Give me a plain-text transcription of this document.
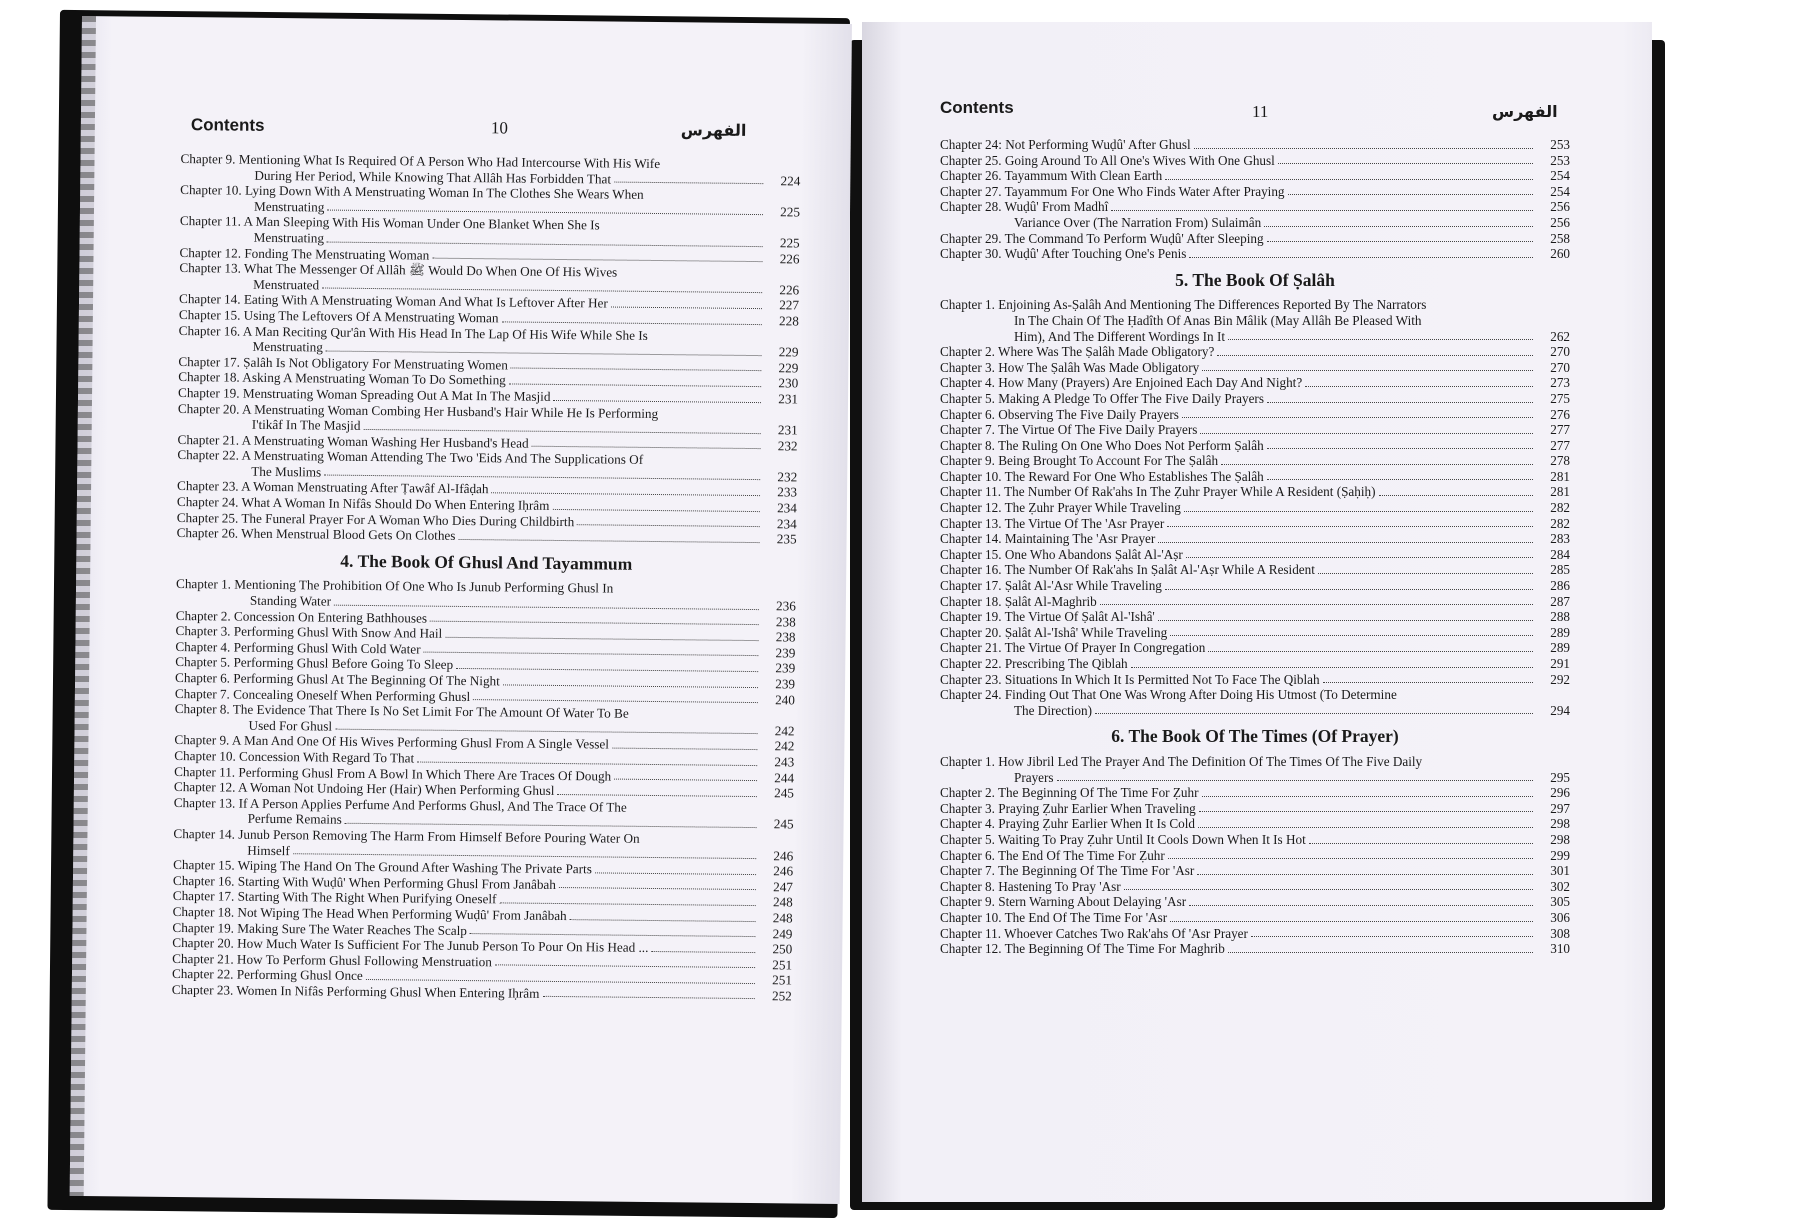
Contents	10	الفهرس
Chapter 9. Mentioning What Is Required Of A Person Who Had Intercourse With His Wife
During Her Period, While Knowing That Allâh Has Forbidden That	224
Chapter 10. Lying Down With A Menstruating Woman In The Clothes She Wears When
Menstruating	225
Chapter 11. A Man Sleeping With His Woman Under One Blanket When She Is
Menstruating	225
Chapter 12. Fonding The Menstruating Woman	226
Chapter 13. What The Messenger Of Allâh ﷺ Would Do When One Of His Wives
Menstruated	226
Chapter 14. Eating With A Menstruating Woman And What Is Leftover After Her	227
Chapter 15. Using The Leftovers Of A Menstruating Woman	228
Chapter 16. A Man Reciting Qur'ân With His Head In The Lap Of His Wife While She Is
Menstruating	229
Chapter 17. Ṣalâh Is Not Obligatory For Menstruating Women	229
Chapter 18. Asking A Menstruating Woman To Do Something	230
Chapter 19. Menstruating Woman Spreading Out A Mat In The Masjid	231
Chapter 20. A Menstruating Woman Combing Her Husband's Hair While He Is Performing
I'tikâf In The Masjid	231
Chapter 21. A Menstruating Woman Washing Her Husband's Head	232
Chapter 22. A Menstruating Woman Attending The Two 'Eids And The Supplications Of
The Muslims	232
Chapter 23. A Woman Menstruating After Ṭawâf Al-Ifâḍah	233
Chapter 24. What A Woman In Nifâs Should Do When Entering Iḥrâm	234
Chapter 25. The Funeral Prayer For A Woman Who Dies During Childbirth	234
Chapter 26. When Menstrual Blood Gets On Clothes	235
4. The Book Of Ghusl And Tayammum
Chapter 1. Mentioning The Prohibition Of One Who Is Junub Performing Ghusl In
Standing Water	236
Chapter 2. Concession On Entering Bathhouses	238
Chapter 3. Performing Ghusl With Snow And Hail	238
Chapter 4. Performing Ghusl With Cold Water	239
Chapter 5. Performing Ghusl Before Going To Sleep	239
Chapter 6. Performing Ghusl At The Beginning Of The Night	239
Chapter 7. Concealing Oneself When Performing Ghusl	240
Chapter 8. The Evidence That There Is No Set Limit For The Amount Of Water To Be
Used For Ghusl	242
Chapter 9. A Man And One Of His Wives Performing Ghusl From A Single Vessel	242
Chapter 10. Concession With Regard To That	243
Chapter 11. Performing Ghusl From A Bowl In Which There Are Traces Of Dough	244
Chapter 12. A Woman Not Undoing Her (Hair) When Performing Ghusl	245
Chapter 13. If A Person Applies Perfume And Performs Ghusl, And The Trace Of The
Perfume Remains	245
Chapter 14. Junub Person Removing The Harm From Himself Before Pouring Water On
Himself	246
Chapter 15. Wiping The Hand On The Ground After Washing The Private Parts	246
Chapter 16. Starting With Wuḍû' When Performing Ghusl From Janâbah	247
Chapter 17. Starting With The Right When Purifying Oneself	248
Chapter 18. Not Wiping The Head When Performing Wuḍû' From Janâbah	248
Chapter 19. Making Sure The Water Reaches The Scalp	249
Chapter 20. How Much Water Is Sufficient For The Junub Person To Pour On His Head ...	250
Chapter 21. How To Perform Ghusl Following Menstruation	251
Chapter 22. Performing Ghusl Once	251
Chapter 23. Women In Nifâs Performing Ghusl When Entering Iḥrâm	252
Contents	11	الفهرس
Chapter 24: Not Performing Wuḍû' After Ghusl	253
Chapter 25. Going Around To All One's Wives With One Ghusl	253
Chapter 26. Tayammum With Clean Earth	254
Chapter 27. Tayammum For One Who Finds Water After Praying	254
Chapter 28. Wuḍû' From Madhî	256
Variance Over (The Narration From) Sulaimân	256
Chapter 29. The Command To Perform Wuḍû' After Sleeping	258
Chapter 30. Wuḍû' After Touching One's Penis	260
5. The Book Of Ṣalâh
Chapter 1. Enjoining As-Ṣalâh And Mentioning The Differences Reported By The Narrators
In The Chain Of The Ḥadîth Of Anas Bin Mâlik (May Allâh Be Pleased With
Him), And The Different Wordings In It	262
Chapter 2. Where Was The Ṣalâh Made Obligatory?	270
Chapter 3. How The Ṣalâh Was Made Obligatory	270
Chapter 4. How Many (Prayers) Are Enjoined Each Day And Night?	273
Chapter 5. Making A Pledge To Offer The Five Daily Prayers	275
Chapter 6. Observing The Five Daily Prayers	276
Chapter 7. The Virtue Of The Five Daily Prayers	277
Chapter 8. The Ruling On One Who Does Not Perform Ṣalâh	277
Chapter 9. Being Brought To Account For The Ṣalâh	278
Chapter 10. The Reward For One Who Establishes The Ṣalâh	281
Chapter 11. The Number Of Rak'ahs In The Ẓuhr Prayer While A Resident (Ṣaḥiḥ)	281
Chapter 12. The Ẓuhr Prayer While Traveling	282
Chapter 13. The Virtue Of The 'Asr Prayer	282
Chapter 14. Maintaining The 'Asr Prayer	283
Chapter 15. One Who Abandons Ṣalât Al-'Aṣr	284
Chapter 16. The Number Of Rak'ahs In Ṣalât Al-'Aṣr While A Resident	285
Chapter 17. Ṣalât Al-'Asr While Traveling	286
Chapter 18. Ṣalât Al-Maghrib	287
Chapter 19. The Virtue Of Ṣalât Al-'Ishâ'	288
Chapter 20. Ṣalât Al-'Ishâ' While Traveling	289
Chapter 21. The Virtue Of Prayer In Congregation	289
Chapter 22. Prescribing The Qiblah	291
Chapter 23. Situations In Which It Is Permitted Not To Face The Qiblah	292
Chapter 24. Finding Out That One Was Wrong After Doing His Utmost (To Determine
The Direction)	294
6. The Book Of The Times (Of Prayer)
Chapter 1. How Jibril Led The Prayer And The Definition Of The Times Of The Five Daily
Prayers	295
Chapter 2. The Beginning Of The Time For Ẓuhr	296
Chapter 3. Praying Ẓuhr Earlier When Traveling	297
Chapter 4. Praying Ẓuhr Earlier When It Is Cold	298
Chapter 5. Waiting To Pray Ẓuhr Until It Cools Down When It Is Hot	298
Chapter 6. The End Of The Time For Ẓuhr	299
Chapter 7. The Beginning Of The Time For 'Asr	301
Chapter 8. Hastening To Pray 'Asr	302
Chapter 9. Stern Warning About Delaying 'Asr	305
Chapter 10. The End Of The Time For 'Asr	306
Chapter 11. Whoever Catches Two Rak'ahs Of 'Asr Prayer	308
Chapter 12. The Beginning Of The Time For Maghrib	310
